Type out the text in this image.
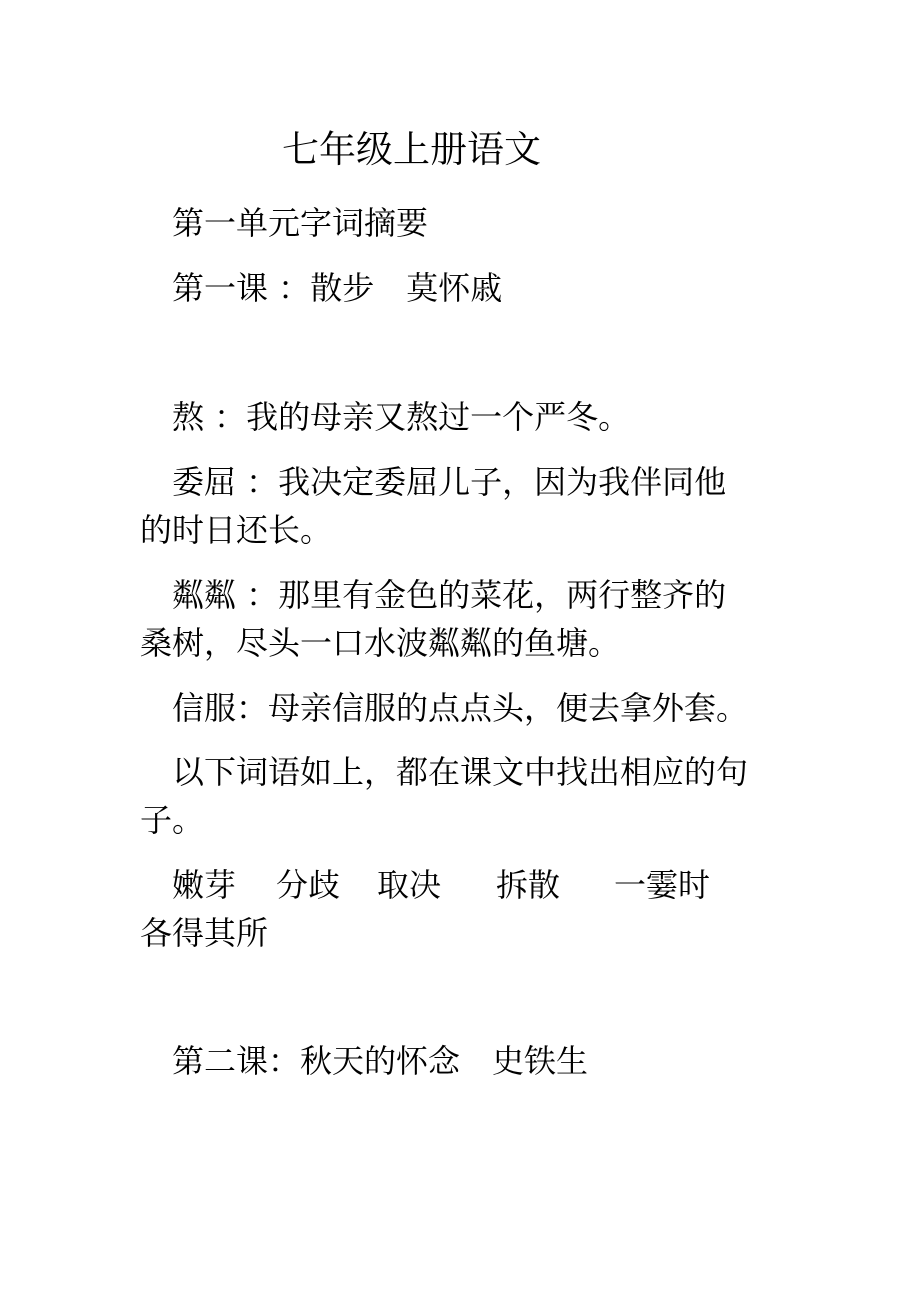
七年级上册语文
第一单元字词摘要
第一课 ：散步 莫怀戚
熬 ：我的母亲又熬过一个严冬。
委屈 ：我决定委屈儿子，因为我伴同他
的时日还长。
粼粼 ：那里有金色的菜花，两行整齐的
桑树，尽头一口水波粼粼的鱼塘。
信服：母亲信服的点点头，便去拿外套。
以下词语如上，都在课文中找出相应的句
子。
嫩芽 分歧 取决 拆散 一霎时
各得其所
第二课：秋天的怀念 史铁生
